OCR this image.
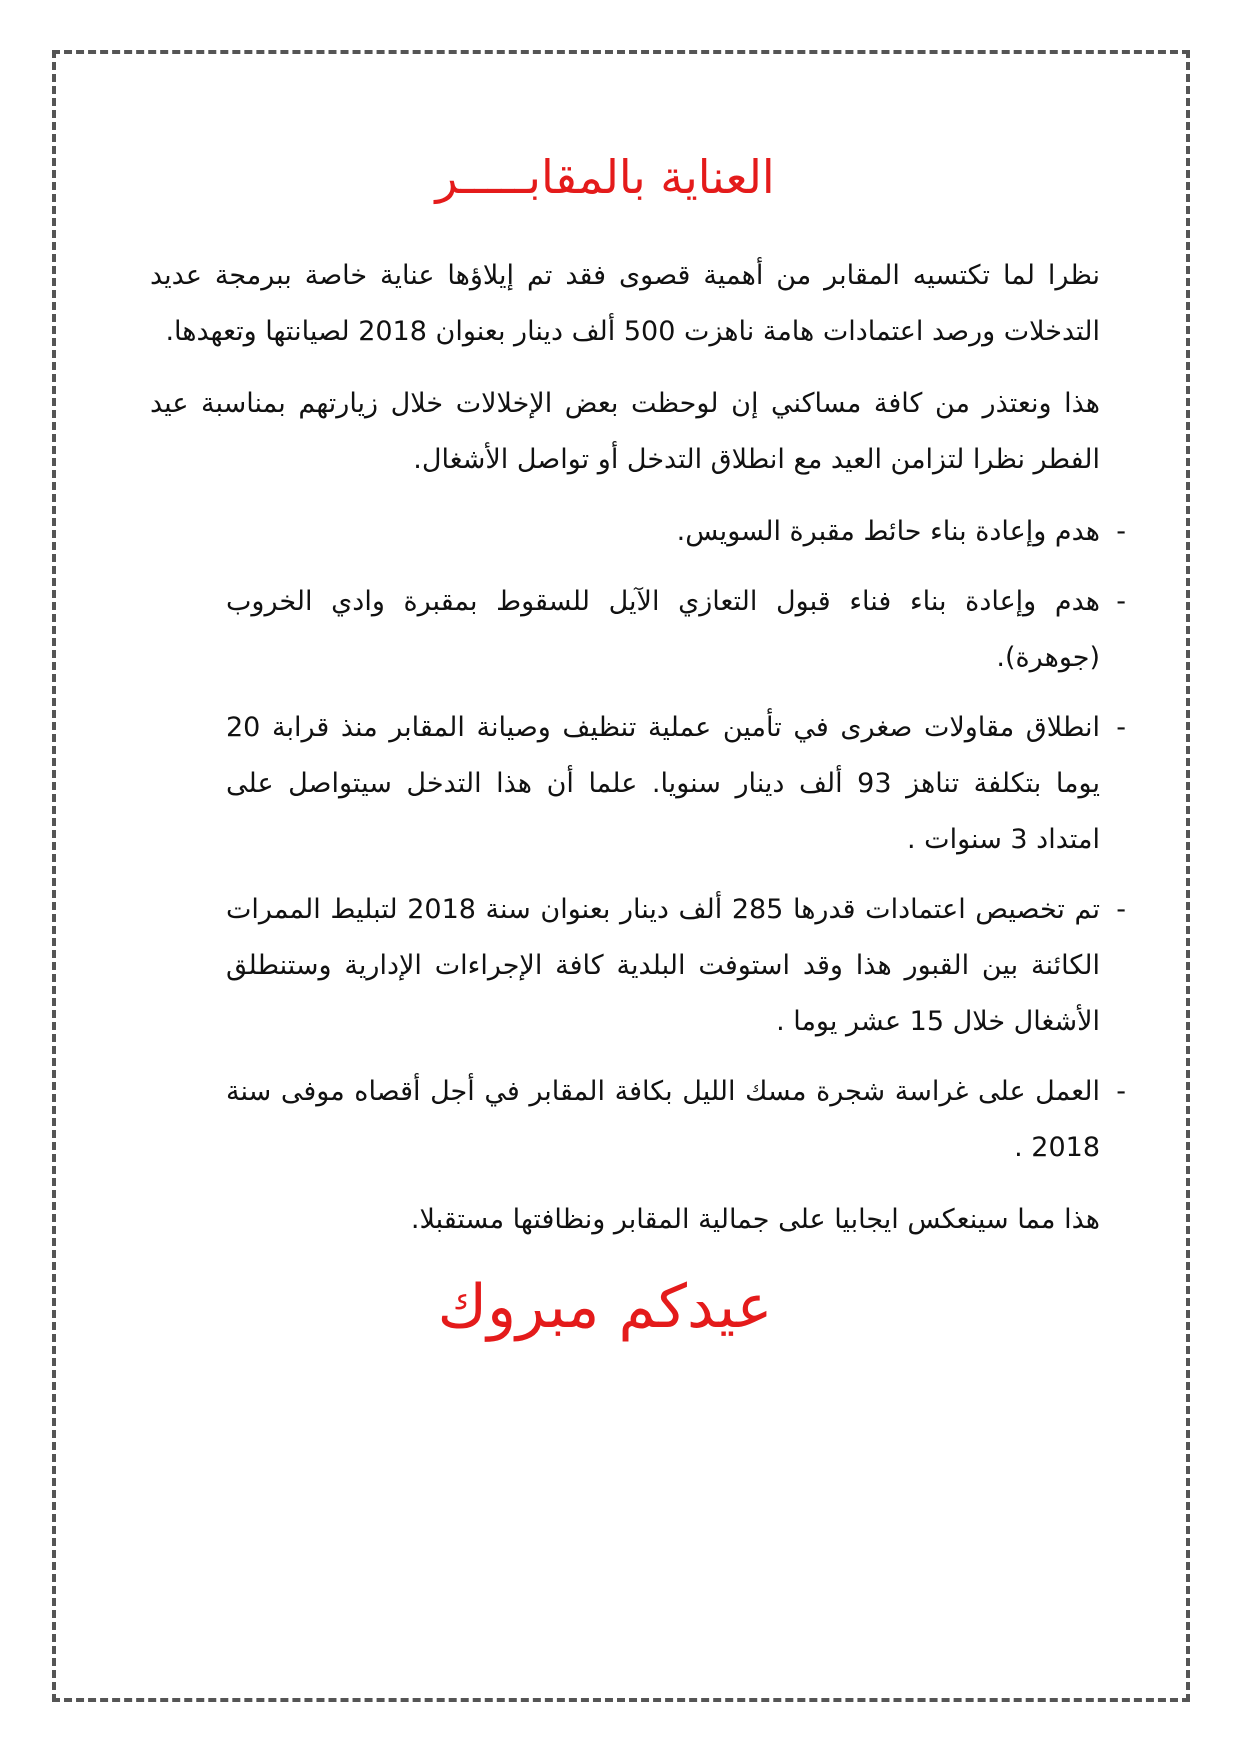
العناية بالمقابـــــر

نظرا لما تكتسيه المقابر من أهمية قصوى فقد تم إيلاؤها عناية خاصة ببرمجة عديد التدخلات ورصد اعتمادات هامة ناهزت 500 ألف دينار بعنوان 2018 لصيانتها وتعهدها.

هذا ونعتذر من كافة مساكني إن لوحظت بعض الإخلالات خلال زيارتهم بمناسبة عيد الفطر نظرا لتزامن العيد مع انطلاق التدخل أو تواصل الأشغال.

-
هدم وإعادة بناء حائط مقبرة السويس.
-
هدم وإعادة بناء فناء قبول التعازي الآيل للسقوط بمقبرة وادي الخروب (جوهرة).
-
انطلاق مقاولات صغرى في تأمين عملية تنظيف وصيانة المقابر منذ قرابة 20 يوما بتكلفة تناهز 93 ألف دينار سنويا. علما أن هذا التدخل سيتواصل على امتداد 3 سنوات .
-
تم تخصيص اعتمادات قدرها 285 ألف دينار بعنوان سنة 2018 لتبليط الممرات الكائنة بين القبور هذا وقد استوفت البلدية كافة الإجراءات الإدارية وستنطلق الأشغال خلال 15 عشر يوما .
-
العمل على غراسة شجرة مسك الليل بكافة المقابر في أجل أقصاه موفى سنة 2018 .

هذا مما سينعكس ايجابيا على جمالية المقابر ونظافتها مستقبلا.

عيدكم مبروك
